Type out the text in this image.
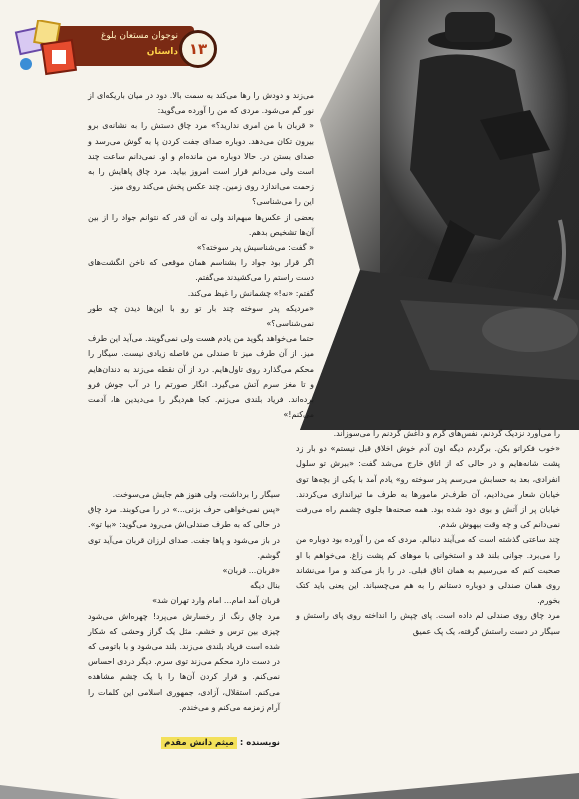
نوجوان مستعان بلوغ
داستان ۱۳

می‌زند و دودش را رها می‌کند به سمت بالا. دود در میان باریکه‌ای از نور گم می‌شود. مردی که من را آورده می‌گوید:

« قربان با من امری ندارید؟» مرد چاق دستش را به نشانه‌ی برو بیرون تکان می‌دهد. دوباره صدای جفت کردن پا به گوش می‌رسد و صدای بستن در. حالا دوباره من مانده‌ام و او. نمی‌دانم ساعت چند است ولی می‌دانم قرار است امروز بیاید. مرد چاق پاهایش را به زحمت می‌اندازد روی زمین. چند عکس پخش می‌کند روی میز.

این را می‌شناسی؟

بعضی از عکس‌ها مبهم‌اند ولی نه آن قدر که نتوانم جواد را از بین آن‌ها تشخیص بدهم.

« گفت: می‌شناسیش پدر سوخته؟»

اگر قرار بود جواد را بشناسم همان موقعی که ناخن انگشت‌های دست راستم را می‌کشیدند می‌گفتم.

گفتم: «نه!» چشمانش را غیظ می‌کند.

«مردیکه پدر سوخته چند بار تو رو با این‌ها دیدن چه طور نمی‌شناسی؟»

حتما می‌خواهد بگوید من یادم هست ولی نمی‌گویند. می‌آید این طرف میز. از آن طرف میز تا صندلی من فاصله زیادی نیست. سیگار را محکم می‌گذارد روی تاول‌هایم. درد از آن نقطه می‌زند به دندان‌هایم و تا مغز سرم آتش می‌گیرد. انگار صورتم را در آب جوش فرو برده‌اند. فریاد بلندی می‌زنم. کجا هم‌دیگر را می‌دیدین ها، آدمت می‌کنم!»

سیگار را برداشت، ولی هنوز هم جایش می‌سوخت.

«پس نمی‌خواهی حرف بزنی...» در را می‌کوبند. مرد چاق در حالی که به طرف صندلی‌اش می‌رود می‌گوید: «بیا تو». در باز می‌شود و پاها جفت. صدای لرزان قربان می‌آید توی گوشم.

«قربان... قربان»

بنال دیگه

قربان آمد امام... امام وارد تهران شد»

مرد چاق رنگ از رخسارش می‌پرد! چهره‌اش می‌شود چیزی بین ترس و خشم. مثل یک گراز وحشی که شکار شده است فریاد بلندی می‌زند. بلند می‌شود و با باتومی که در دست دارد محکم می‌زند توی سرم. دیگر دردی احساس نمی‌کنم. و قرار کردن آن‌ها را با یک چشم مشاهده می‌کنم. استقلال، آزادی، جمهوری اسلامی این کلمات را آرام زمزمه می‌کنم و می‌خندم.

را می‌آورد نزدیک گردنم، نفس‌های گرم و داغش گردنم را می‌سوزاند.

«خوب فکراتو بکن. برگردم دیگه اون آدم خوش اخلاق قبل نیستم» دو بار زد پشت شانه‌هایم و در حالی که از اتاق خارج می‌شد گفت: «ببرش تو سلول انفرادی، بعد به حسابش می‌رسم پدر سوخته رو» یادم آمد با یکی از بچه‌ها توی خیابان شعار می‌دادیم، آن طرف‌تر مامورها به طرف ما تیراندازی می‌کردند. خیابان پر از آتش و بوی دود شده بود. همه صحنه‌ها جلوی چشمم راه می‌رفت نمی‌دانم کی و چه وقت بیهوش شدم.

چند ساعتی گذشته است که می‌آیند دنبالم. مردی که من را آورده بود دوباره من را می‌برد. جوانی بلند قد و استخوانی با موهای کم پشت زاغ. می‌خواهم با او صحبت کنم که می‌رسیم به همان اتاق قبلی. در را باز می‌کند و مرا می‌نشاند روی همان صندلی و دوباره دستانم را به هم می‌چسباند. این یعنی باید کتک بخورم.

مرد چاق روی صندلی لم داده است. پای چپش را انداخته روی پای راستش و سیگار در دست راستش گرفته، یک پک عمیق

نویسنده : میثم دانش مقدم
